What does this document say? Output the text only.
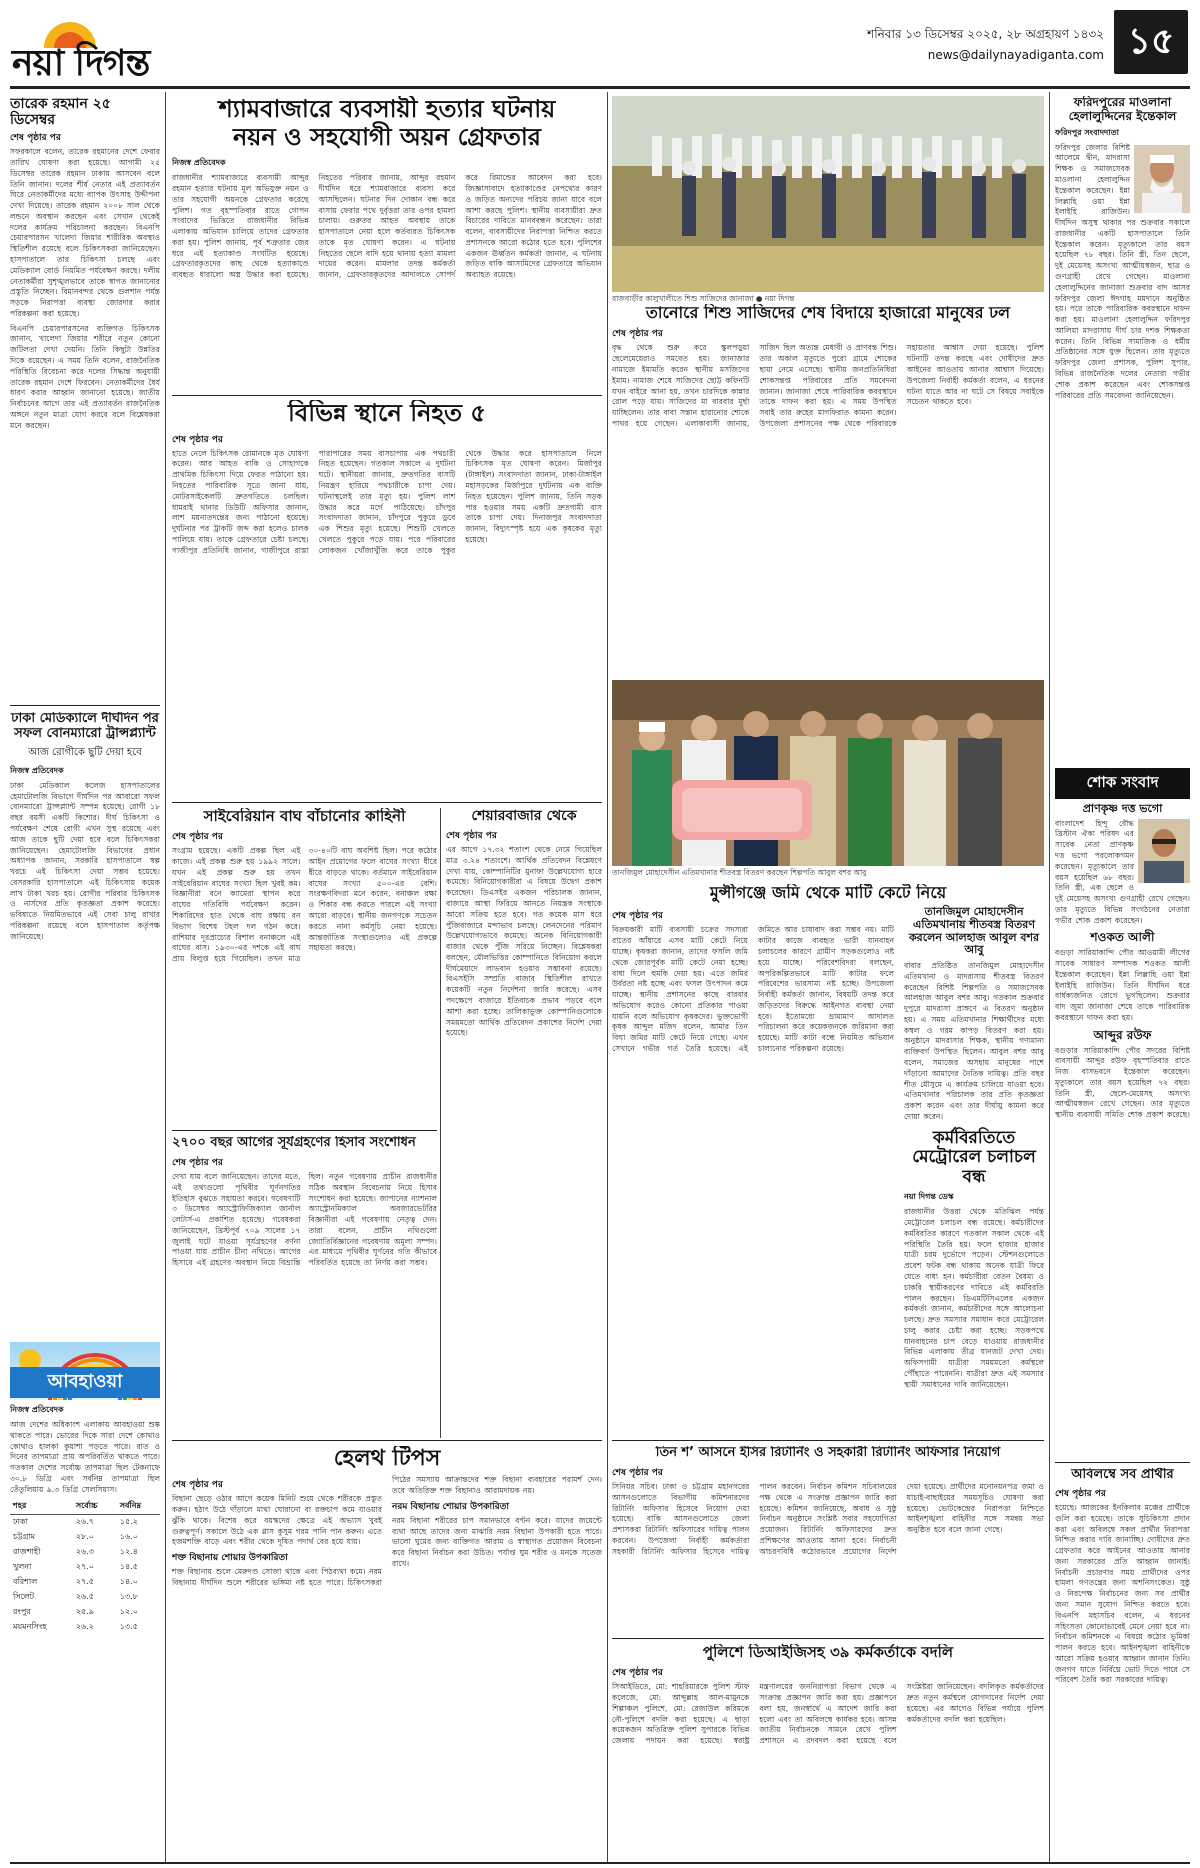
নয়া দিগন্ত
শনিবার ১৩ ডিসেম্বর ২০২৫, ২৮ অগ্রহায়ণ ১৪৩২
news@dailynayadiganta.com ১৫
তারেক রহমান ২৫ ডিসেম্বর
শেষ পৃষ্ঠার পর
সফরকালে বলেন, তারেক রহমানের দেশে ফেরার তারিখ ঘোষণা করা হয়েছে। আগামী ২৫ ডিসেম্বর তারেক রহমান ঢাকায় আসবেন বলে তিনি জানান। দলের শীর্ষ নেতার এই প্রত্যাবর্তন ঘিরে নেতাকর্মীদের মধ্যে ব্যাপক উৎসাহ উদ্দীপনা দেখা দিয়েছে। তারেক রহমান ২০০৮ সাল থেকে লন্ডনে অবস্থান করছেন এবং সেখান থেকেই দলের কার্যক্রম পরিচালনা করছেন। বিএনপি চেয়ারপারসন খালেদা জিয়ার শারীরিক অবস্থাও স্থিতিশীল রয়েছে বলে চিকিৎসকরা জানিয়েছেন। হাসপাতালে তার চিকিৎসা চলছে এবং মেডিক্যাল বোর্ড নিয়মিত পর্যবেক্ষণ করছে। দলীয় নেতাকর্মীরা সুশৃঙ্খলভাবে তাকে স্বাগত জানানোর প্রস্তুতি নিচ্ছেন। বিমানবন্দর থেকে গুলশান পর্যন্ত সড়কে নিরাপত্তা ব্যবস্থা জোরদার করার পরিকল্পনা করা হয়েছে।
বিএনপি চেয়ারপারসনের ব্যক্তিগত চিকিৎসক জানান, খালেদা জিয়ার শরীরে নতুন কোনো জটিলতা দেখা দেয়নি। তিনি কিছুটা উন্নতির দিকে রয়েছেন। এ সময় তিনি বলেন, রাজনৈতিক পরিস্থিতি বিবেচনা করে দলের সিদ্ধান্ত অনুযায়ী তারেক রহমান দেশে ফিরবেন। নেতাকর্মীদের ধৈর্য ধারণ করার আহ্বান জানানো হয়েছে। জাতীয় নির্বাচনের আগে তার এই প্রত্যাবর্তন রাজনৈতিক অঙ্গনে নতুন মাত্রা যোগ করবে বলে বিশ্লেষকরা মনে করছেন।
ঢাকা মেডিক্যালে দীর্ঘদিন পর সফল বোনম্যারো ট্রান্সপ্ল্যান্ট
আজ রোগীকে ছুটি দেয়া হবে
নিজস্ব প্রতিবেদক
ঢাকা মেডিক্যাল কলেজ হাসপাতালের হেমাটোলজি বিভাগে দীর্ঘদিন পর আবারো সফল বোনম্যারো ট্রান্সপ্ল্যান্ট সম্পন্ন হয়েছে। রোগী ১৮ বছর বয়সী একটি কিশোর। দীর্ঘ চিকিৎসা ও পর্যবেক্ষণ শেষে রোগী এখন সুস্থ রয়েছে এবং আজ তাকে ছুটি দেয়া হবে বলে চিকিৎসকরা জানিয়েছেন। হেমাটোলজি বিভাগের প্রধান অধ্যাপক জানান, সরকারি হাসপাতালে স্বল্প খরচে এই চিকিৎসা দেয়া সম্ভব হয়েছে। বেসরকারি হাসপাতালে এই চিকিৎসায় কয়েক লাখ টাকা খরচ হয়। রোগীর পরিবার চিকিৎসক ও নার্সদের প্রতি কৃতজ্ঞতা প্রকাশ করেছে। ভবিষ্যতে নিয়মিতভাবে এই সেবা চালু রাখার পরিকল্পনা রয়েছে বলে হাসপাতাল কর্তৃপক্ষ জানিয়েছে।
আবহাওয়া
নিজস্ব প্রতিবেদক
আজ দেশের অধিকাংশ এলাকায় আবহাওয়া শুষ্ক থাকতে পারে। ভোরের দিকে সারা দেশে কোথাও কোথাও হালকা কুয়াশা পড়তে পারে। রাত ও দিনের তাপমাত্রা প্রায় অপরিবর্তিত থাকতে পারে। গতকাল দেশের সর্বোচ্চ তাপমাত্রা ছিল টেকনাফে ৩০.৮ ডিগ্রি এবং সর্বনিম্ন তাপমাত্রা ছিল তেঁতুলিয়ায় ৯.৩ ডিগ্রি সেলসিয়াস।
শহর	সর্বোচ্চ	সর্বনিম্ন
ঢাকা	২৬.৭	১৫.২
চট্টগ্রাম	২৮.০	১৬.০
রাজশাহী	২৬.৩	১২.৪
খুলনা	২৭.০	১৪.৫
বরিশাল	২৭.৫	১৪.০
সিলেট	২৬.৫	১৩.৮
রংপুর	২৫.৯	১২.০
ময়মনসিংহ	২৬.২	১৩.৫
শ্যামবাজারে ব্যবসায়ী হত্যার ঘটনায়
নয়ন ও সহযোগী অয়ন গ্রেফতার
নিজস্ব প্রতিবেদক
রাজধানীর শ্যামবাজারে ব্যবসায়ী আব্দুর রহমান হত্যার ঘটনায় মূল অভিযুক্ত নয়ন ও তার সহযোগী অয়নকে গ্রেফতার করেছে পুলিশ। গত বৃহস্পতিবার রাতে গোপন সংবাদের ভিত্তিতে রাজধানীর বিভিন্ন এলাকায় অভিযান চালিয়ে তাদের গ্রেফতার করা হয়। পুলিশ জানায়, পূর্ব শত্রুতার জের ধরে এই হত্যাকাণ্ড সংঘটিত হয়েছে। গ্রেফতারকৃতদের কাছ থেকে হত্যাকাণ্ডে ব্যবহৃত ধারালো অস্ত্র উদ্ধার করা হয়েছে। নিহতের পরিবার জানায়, আব্দুর রহমান দীর্ঘদিন ধরে শ্যামবাজারে ব্যবসা করে আসছিলেন। ঘটনার দিন দোকান বন্ধ করে বাসায় ফেরার পথে দুর্বৃত্তরা তার ওপর হামলা চালায়। গুরুতর আহত অবস্থায় তাকে হাসপাতালে নেয়া হলে কর্তব্যরত চিকিৎসক তাকে মৃত ঘোষণা করেন। এ ঘটনায় নিহতের ছেলে বাদি হয়ে থানায় হত্যা মামলা দায়ের করেন। মামলার তদন্ত কর্মকর্তা জানান, গ্রেফতারকৃতদের আদালতে সোপর্দ করে রিমান্ডের আবেদন করা হবে। জিজ্ঞাসাবাদে হত্যাকাণ্ডের নেপথ্যের কারণ ও জড়িত অন্যদের পরিচয় জানা যাবে বলে আশা করছে পুলিশ। স্থানীয় ব্যবসায়ীরা দ্রুত বিচারের দাবিতে মানববন্ধন করেছেন। তারা বলেন, ব্যবসায়ীদের নিরাপত্তা নিশ্চিত করতে প্রশাসনকে আরো কঠোর হতে হবে। পুলিশের একজন ঊর্ধ্বতন কর্মকর্তা জানান, এ ঘটনায় জড়িত বাকি আসামিদের গ্রেফতারে অভিযান অব্যাহত রয়েছে।
বিভিন্ন স্থানে নিহত ৫
শেষ পৃষ্ঠার পর
হাতে নেলে চিকিৎসক রোমানকে মৃত ঘোষণা করেন। আর আহত বাকি ও সোহাগকে প্রাথমিক চিকিৎসা দিয়ে ফেরত পাঠানো হয়। নিহতের পারিবারিক সূত্রে জানা যায়, মোটরসাইকেলটি দ্রুতগতিতে চলছিল। ধামরাই থানার ডিউটি অফিসার জানান, লাশ ময়নাতদন্তের জন্য পাঠানো হয়েছে। দুর্ঘটনার পর ট্রাকটি জব্দ করা হলেও চালক পালিয়ে যায়। তাকে গ্রেফতারে চেষ্টা চলছে। গাজীপুর প্রতিনিধি জানান, গাজীপুরে রাস্তা পারাপারের সময় বাসচাপায় এক পথচারী নিহত হয়েছেন। গতকাল সকালে এ দুর্ঘটনা ঘটে। স্থানীয়রা জানায়, দ্রুতগতির বাসটি নিয়ন্ত্রণ হারিয়ে পথচারীকে চাপা দেয়। ঘটনাস্থলেই তার মৃত্যু হয়। পুলিশ লাশ উদ্ধার করে মর্গে পাঠিয়েছে। চাঁদপুর সংবাদদাতা জানান, চাঁদপুরে পুকুরে ডুবে এক শিশুর মৃত্যু হয়েছে। শিশুটি খেলতে খেলতে পুকুরে পড়ে যায়। পরে পরিবারের লোকজন খোঁজাখুঁজি করে তাকে পুকুর থেকে উদ্ধার করে হাসপাতালে নিলে চিকিৎসক মৃত ঘোষণা করেন। মির্জাপুর (টাঙ্গাইল) সংবাদদাতা জানান, ঢাকা-টাঙ্গাইল মহাসড়কের মির্জাপুরে দুর্ঘটনায় এক ব্যক্তি নিহত হয়েছেন। পুলিশ জানায়, তিনি সড়ক পার হওয়ার সময় একটি দ্রুতগামী বাস তাকে চাপা দেয়। দিনাজপুর সংবাদদাতা জানান, বিদ্যুৎস্পৃষ্ট হয়ে এক কৃষকের মৃত্যু হয়েছে।
সাইবেরিয়ান বাঘ বাঁচানোর কাহিনী
শেষ পৃষ্ঠার পর
সংগ্রাম হয়েছে। একটি প্রকল্প ছিল এই কাজে। এই প্রকল্প শুরু হয় ১৯৯২ সালে। যখন এই প্রকল্প শুরু হয় তখন সাইবেরিয়ান বাঘের সংখ্যা ছিল খুবই কম। বিজ্ঞানীরা বনে ক্যামেরা স্থাপন করে বাঘের গতিবিধি পর্যবেক্ষণ করেন। শিকারিদের হাত থেকে বাঘ রক্ষায় বন বিভাগ বিশেষ টহল দল গঠন করে। রাশিয়ার দূরপ্রাচ্যের বিশাল বনাঞ্চলে এই বাঘের বাস। ১৯৩০-এর দশকে এই বাঘ প্রায় বিলুপ্ত হয়ে গিয়েছিল। তখন মাত্র ৩০-৪০টি বাঘ অবশিষ্ট ছিল। পরে কঠোর আইন প্রয়োগের ফলে বাঘের সংখ্যা ধীরে ধীরে বাড়তে থাকে। বর্তমানে সাইবেরিয়ান বাঘের সংখ্যা ৫০০-এর বেশি। সংরক্ষণবিদরা মনে করেন, বনাঞ্চল রক্ষা ও শিকার বন্ধ করতে পারলে এই সংখ্যা আরো বাড়বে। স্থানীয় জনগণকে সচেতন করতে নানা কর্মসূচি নেয়া হয়েছে। আন্তর্জাতিক সংস্থাগুলোও এই প্রকল্পে সহায়তা করছে।
শেয়ারবাজার থেকে
শেষ পৃষ্ঠার পর
এর আগে ১৭.৩২ শতাংশ থেকে নেমে গিয়েছিল মাত্র ৩.২৪ শতাংশে। আর্থিক প্রতিবেদন বিশ্লেষণে দেখা যায়, কোম্পানিটির মুনাফা উল্লেখযোগ্য হারে কমেছে। বিনিয়োগকারীরা এ বিষয়ে উদ্বেগ প্রকাশ করেছেন। ডিএসইর একজন পরিচালক জানান, বাজারে আস্থা ফিরিয়ে আনতে নিয়ন্ত্রক সংস্থাকে আরো সক্রিয় হতে হবে। গত কয়েক মাস ধরে পুঁজিবাজারে মন্দাভাব চলছে। লেনদেনের পরিমাণ উল্লেখযোগ্যভাবে কমেছে। অনেক বিনিয়োগকারী বাজার থেকে পুঁজি সরিয়ে নিচ্ছেন। বিশ্লেষকরা বলছেন, মৌলভিত্তির কোম্পানিতে বিনিয়োগ করলে দীর্ঘমেয়াদে লাভবান হওয়ার সম্ভাবনা রয়েছে। বিএসইসি সম্প্রতি বাজার স্থিতিশীল রাখতে কয়েকটি নতুন নির্দেশনা জারি করেছে। এসব পদক্ষেপে বাজারে ইতিবাচক প্রভাব পড়বে বলে আশা করা হচ্ছে। তালিকাভুক্ত কোম্পানিগুলোকে সময়মতো আর্থিক প্রতিবেদন প্রকাশের নির্দেশ দেয়া হয়েছে।
২৭০০ বছর আগের সূর্যগ্রহণের হিসাব সংশোধন
শেষ পৃষ্ঠার পর
দেখা যায় বলে জানিয়েছেন। তাদের মতে, এই তথ্যগুলো পৃথিবীর ঘূর্ণনগতির ইতিহাস বুঝতে সহায়তা করবে। গবেষণাটি ৩ ডিসেম্বর অ্যাস্ট্রোফিজিক্যাল জার্নাল লেটার্স-এ প্রকাশিত হয়েছে। গবেষকরা জানিয়েছেন, খ্রিস্টপূর্ব ৭০৯ সালের ১৭ জুলাই ঘটে যাওয়া সূর্যগ্রহণের বর্ণনা পাওয়া যায় প্রাচীন চীনা নথিতে। আগের হিসাবে এই গ্রহণের অবস্থান নিয়ে বিভ্রান্তি ছিল। নতুন গবেষণায় প্রাচীন রাজধানীর সঠিক অবস্থান বিবেচনায় নিয়ে হিসাব সংশোধন করা হয়েছে। জাপানের ন্যাশনাল অ্যাস্ট্রোনমিক্যাল অবজারভেটরির বিজ্ঞানীরা এই গবেষণায় নেতৃত্ব দেন। তারা বলেন, প্রাচীন নথিগুলো জ্যোতির্বিজ্ঞানের গবেষণায় অমূল্য সম্পদ। এর মাধ্যমে পৃথিবীর ঘূর্ণনের গতি কীভাবে পরিবর্তিত হয়েছে তা নির্ণয় করা সম্ভব।
হেলথ টিপস
শেষ পৃষ্ঠার পর
বিছানা ছেড়ে ওঠার আগে কয়েক মিনিট শুয়ে থেকে শরীরকে প্রস্তুত করুন। হঠাৎ উঠে দাঁড়ালে মাথা ঘোরানো বা রক্তচাপ কমে যাওয়ার ঝুঁকি থাকে। বিশেষ করে বয়স্কদের ক্ষেত্রে এই অভ্যাস খুবই গুরুত্বপূর্ণ। সকালে উঠে এক গ্লাস কুসুম গরম পানি পান করুন। এতে হজমশক্তি বাড়ে এবং শরীর থেকে দূষিত পদার্থ বের হয়ে যায়।
শক্ত বিছানায় শোয়ার উপকারিতা
শক্ত বিছানায় শুলে মেরুদণ্ড সোজা থাকে এবং পিঠব্যথা কমে। নরম বিছানায় দীর্ঘদিন শুলে শরীরের ভঙ্গিমা নষ্ট হতে পারে। চিকিৎসকরা পিঠের সমস্যায় আক্রান্তদের শক্ত বিছানা ব্যবহারের পরামর্শ দেন। তবে অতিরিক্ত শক্ত বিছানাও আরামদায়ক নয়।
নরম বিছানায় শোয়ার উপকারিতা
নরম বিছানা শরীরের চাপ সমানভাবে বণ্টন করে। যাদের জয়েন্টে ব্যথা আছে তাদের জন্য মাঝারি নরম বিছানা উপকারী হতে পারে। ভালো ঘুমের জন্য ব্যক্তিগত আরাম ও স্বাস্থ্যগত প্রয়োজন বিবেচনা করে বিছানা নির্বাচন করা উচিত। পর্যাপ্ত ঘুম শরীর ও মনকে সতেজ রাখে।
রাজবাড়ীর কালুখালীতে শিশু সাজিদের জানাজা ● নয়া দিগন্ত
তানোরে শিশু সাজিদের শেষ বিদায়ে হাজারো মানুষের ঢল
শেষ পৃষ্ঠার পর
বৃদ্ধ থেকে শুরু করে স্কুলপড়ুয়া ছেলেমেয়েরাও সমবেত হয়। জানাজার নামাজে ইমামতি করেন স্থানীয় মসজিদের ইমাম। নামাজ শেষে সাজিদের ছোট্ট কফিনটি যখন বাইরে আনা হয়, তখন চারদিকে কান্নার রোল পড়ে যায়। সাজিদের মা বারবার মূর্ছা যাচ্ছিলেন। তার বাবা সন্তান হারানোর শোকে পাথর হয়ে গেছেন। এলাকাবাসী জানায়, সাজিদ ছিল অত্যন্ত মেধাবী ও প্রাণবন্ত শিশু। তার অকাল মৃত্যুতে পুরো গ্রামে শোকের ছায়া নেমে এসেছে। স্থানীয় জনপ্রতিনিধিরা শোকসন্তপ্ত পরিবারের প্রতি সমবেদনা জানান। জানাজা শেষে পারিবারিক কবরস্থানে তাকে দাফন করা হয়। এ সময় উপস্থিত সবাই তার রুহের মাগফিরাত কামনা করেন। উপজেলা প্রশাসনের পক্ষ থেকে পরিবারকে সহায়তার আশ্বাস দেয়া হয়েছে। পুলিশ ঘটনাটি তদন্ত করছে এবং দোষীদের দ্রুত আইনের আওতায় আনার আশ্বাস দিয়েছে। উপজেলা নির্বাহী কর্মকর্তা বলেন, এ ধরনের ঘটনা যাতে আর না ঘটে সে বিষয়ে সবাইকে সচেতন থাকতে হবে।
তানজিমুল মোহাদেসীন এতিমখানার শীতবস্ত্র বিতরণ করছেন শিল্পপতি আবুল বশর আবু
মুন্সীগঞ্জে জমি থেকে মাটি কেটে নিয়ে
শেষ পৃষ্ঠার পর
বিক্রয়কারী মাটি ব্যবসায়ী চক্রের সদস্যরা রাতের আঁধারে এসব মাটি কেটে নিয়ে যাচ্ছে। কৃষকরা জানান, তাদের ফসলি জমি থেকে জোরপূর্বক মাটি কেটে নেয়া হচ্ছে। বাধা দিলে হুমকি দেয়া হয়। এতে জমির উর্বরতা নষ্ট হচ্ছে এবং ফসল উৎপাদন কমে যাচ্ছে। স্থানীয় প্রশাসনের কাছে বারবার অভিযোগ করেও কোনো প্রতিকার পাওয়া যায়নি বলে অভিযোগ কৃষকদের। ভুক্তভোগী কৃষক আব্দুল মজিদ বলেন, আমার তিন বিঘা জমির মাটি কেটে নিয়ে গেছে। এখন সেখানে গভীর গর্ত তৈরি হয়েছে। এই জমিতে আর চাষাবাদ করা সম্ভব নয়। মাটি কাটার কাজে ব্যবহৃত ভারী যানবাহন চলাচলের কারণে গ্রামীণ সড়কগুলোও নষ্ট হয়ে যাচ্ছে। পরিবেশবিদরা বলছেন, অপরিকল্পিতভাবে মাটি কাটার ফলে পরিবেশের ভারসাম্য নষ্ট হচ্ছে। উপজেলা নির্বাহী কর্মকর্তা জানান, বিষয়টি তদন্ত করে জড়িতদের বিরুদ্ধে আইনগত ব্যবস্থা নেয়া হবে। ইতোমধ্যে ভ্রাম্যমাণ আদালত পরিচালনা করে কয়েকজনকে জরিমানা করা হয়েছে। মাটি কাটা বন্ধে নিয়মিত অভিযান চালানোর পরিকল্পনা রয়েছে।
তানজিমুল মোহাদেসীন এতিমখানায় শীতবস্ত্র বিতরণ করলেন আলহাজ আবুল বশর আবু
বাবার প্রতিষ্ঠিত তানজিমুল মোহাদেসীন এতিমখানা ও মাদরাসায় শীতবস্ত্র বিতরণ করেছেন বিশিষ্ট শিল্পপতি ও সমাজসেবক আলহাজ আবুল বশর আবু। গতকাল শুক্রবার দুপুরে মাদরাসা প্রাঙ্গণে এ বিতরণ অনুষ্ঠান হয়। এ সময় এতিমখানার শিক্ষার্থীদের মধ্যে কম্বল ও গরম কাপড় বিতরণ করা হয়। অনুষ্ঠানে মাদরাসার শিক্ষক, স্থানীয় গণ্যমান্য ব্যক্তিবর্গ উপস্থিত ছিলেন। আবুল বশর আবু বলেন, সমাজের অসহায় মানুষের পাশে দাঁড়ানো আমাদের নৈতিক দায়িত্ব। প্রতি বছর শীত মৌসুমে এ কার্যক্রম চালিয়ে যাওয়া হবে। এতিমখানার পরিচালক তার প্রতি কৃতজ্ঞতা প্রকাশ করেন এবং তার দীর্ঘায়ু কামনা করে দোয়া করেন।
কর্মবিরতিতে মেট্রোরেল চলাচল বন্ধ
নয়া দিগন্ত ডেস্ক
রাজধানীর উত্তরা থেকে মতিঝিল পর্যন্ত মেট্রোরেল চলাচল বন্ধ রয়েছে। কর্মচারীদের কর্মবিরতির কারণে গতকাল সকাল থেকে এই পরিস্থিতি তৈরি হয়। ফলে হাজার হাজার যাত্রী চরম দুর্ভোগে পড়েন। স্টেশনগুলোতে প্রবেশ ফটক বন্ধ থাকায় অনেক যাত্রী ফিরে যেতে বাধ্য হন। কর্মচারীরা বেতন বৈষম্য ও চাকরি স্থায়ীকরণের দাবিতে এই কর্মবিরতি পালন করছেন। ডিএমটিসিএলের একজন কর্মকর্তা জানান, কর্মচারীদের সঙ্গে আলোচনা চলছে। দ্রুত সমস্যার সমাধান করে মেট্রোরেল চালু করার চেষ্টা করা হচ্ছে। সড়কপথে যানবাহনের চাপ বেড়ে যাওয়ায় রাজধানীর বিভিন্ন এলাকায় তীব্র যানজট দেখা দেয়। অফিসগামী যাত্রীরা সময়মতো কর্মস্থলে পৌঁছাতে পারেননি। যাত্রীরা দ্রুত এই সমস্যার স্থায়ী সমাধানের দাবি জানিয়েছেন।
তিন শ’ আসনে ইসির রিটার্নিং ও সহকারী রিটার্নিং অফিসার নিয়োগ
শেষ পৃষ্ঠার পর
সিনিয়র সচিব। ঢাকা ও চট্টগ্রাম মহানগরের আসনগুলোতে বিভাগীয় কমিশনারদের রিটার্নিং অফিসার হিসেবে নিয়োগ দেয়া হয়েছে। বাকি আসনগুলোতে জেলা প্রশাসকরা রিটার্নিং অফিসারের দায়িত্ব পালন করবেন। উপজেলা নির্বাহী কর্মকর্তারা সহকারী রিটার্নিং অফিসার হিসেবে দায়িত্ব পালন করবেন। নির্বাচন কমিশন সচিবালয়ের পক্ষ থেকে এ সংক্রান্ত প্রজ্ঞাপন জারি করা হয়েছে। কমিশন জানিয়েছে, অবাধ ও সুষ্ঠু নির্বাচন অনুষ্ঠানে সংশ্লিষ্ট সবার সহযোগিতা প্রয়োজন। রিটার্নিং অফিসারদের দ্রুত প্রশিক্ষণের আওতায় আনা হবে। নির্বাচনী আচরণবিধি কঠোরভাবে প্রয়োগের নির্দেশ দেয়া হয়েছে। প্রার্থীদের মনোনয়নপত্র জমা ও যাচাই-বাছাইয়ের সময়সূচিও ঘোষণা করা হয়েছে। ভোটকেন্দ্রের নিরাপত্তা নিশ্চিতে আইনশৃঙ্খলা বাহিনীর সঙ্গে সমন্বয় সভা অনুষ্ঠিত হবে বলে জানা গেছে।
পুলিশে ডিআইজিসহ ৩৯ কর্মকর্তাকে বদলি
শেষ পৃষ্ঠার পর
সিআইডিতে, মো: শাহরিয়ারকে পুলিশ স্টাফ কলেজে, মো: আব্দুল্লাহ আল-মামুনকে শিল্পাঞ্চল পুলিশে, মো: রেজাউল করিমকে নৌ-পুলিশে বদলি করা হয়েছে। এ ছাড়া কয়েকজন অতিরিক্ত পুলিশ সুপারকে বিভিন্ন জেলায় পদায়ন করা হয়েছে। স্বরাষ্ট্র মন্ত্রণালয়ের জননিরাপত্তা বিভাগ থেকে এ সংক্রান্ত প্রজ্ঞাপন জারি করা হয়। প্রজ্ঞাপনে বলা হয়, জনস্বার্থে এ আদেশ জারি করা হলো এবং তা অবিলম্বে কার্যকর হবে। আসন্ন জাতীয় নির্বাচনকে সামনে রেখে পুলিশ প্রশাসনে এ রদবদল করা হয়েছে বলে সংশ্লিষ্টরা জানিয়েছেন। বদলিকৃত কর্মকর্তাদের দ্রুত নতুন কর্মস্থলে যোগদানের নির্দেশ দেয়া হয়েছে। এর আগেও বিভিন্ন পর্যায়ে পুলিশ কর্মকর্তাদের বদলি করা হয়েছিল।
ফরিদপুরের মাওলানা হেলালুদ্দিনের ইন্তেকাল
ফরিদপুর সংবাদদাতা
ফরিদপুর জেলার বিশিষ্ট আলেমে দ্বীন, মাদরাসা শিক্ষক ও সমাজসেবক মাওলানা হেলালুদ্দিন ইন্তেকাল করেছেন। ইন্না লিল্লাহি ওয়া ইন্না ইলাইহি রাজিউন। দীর্ঘদিন অসুস্থ থাকার পর শুক্রবার সকালে রাজধানীর একটি হাসপাতালে তিনি ইন্তেকাল করেন। মৃত্যুকালে তার বয়স হয়েছিল ৭৮ বছর। তিনি স্ত্রী, তিন ছেলে, দুই মেয়েসহ অসংখ্য আত্মীয়স্বজন, ছাত্র ও গুণগ্রাহী রেখে গেছেন। মাওলানা হেলালুদ্দিনের জানাজা শুক্রবার বাদ আসর ফরিদপুর জেলা ঈদগাহ ময়দানে অনুষ্ঠিত হয়। পরে তাকে পারিবারিক কবরস্থানে দাফন করা হয়। মাওলানা হেলালুদ্দিন ফরিদপুর আলিয়া মাদরাসায় দীর্ঘ চার দশক শিক্ষকতা করেন। তিনি বিভিন্ন সামাজিক ও ধর্মীয় প্রতিষ্ঠানের সঙ্গে যুক্ত ছিলেন। তার মৃত্যুতে ফরিদপুর জেলা প্রশাসক, পুলিশ সুপার, বিভিন্ন রাজনৈতিক দলের নেতারা গভীর শোক প্রকাশ করেছেন এবং শোকসন্তপ্ত পরিবারের প্রতি সমবেদনা জানিয়েছেন।
শোক সংবাদ
প্রাণকৃষ্ণ দত্ত ভগো
বাংলাদেশ হিন্দু বৌদ্ধ খ্রিস্টান ঐক্য পরিষদ এর সাবেক নেতা প্রাণকৃষ্ণ দত্ত ভগো পরলোকগমন করেছেন। মৃত্যুকালে তার বয়স হয়েছিল ৬৮ বছর। তিনি স্ত্রী, এক ছেলে ও দুই মেয়েসহ অসংখ্য গুণগ্রাহী রেখে গেছেন। তার মৃত্যুতে বিভিন্ন সংগঠনের নেতারা গভীর শোক প্রকাশ করেছেন।
শওকত আলী
বগুড়া সারিয়াকান্দি পৌর আওয়ামী লীগের সাবেক সাধারণ সম্পাদক শওকত আলী ইন্তেকাল করেছেন। ইন্না লিল্লাহি ওয়া ইন্না ইলাইহি রাজিউন। তিনি দীর্ঘদিন ধরে বার্ধক্যজনিত রোগে ভুগছিলেন। শুক্রবার বাদ জুমা জানাজা শেষে তাকে পারিবারিক কবরস্থানে দাফন করা হয়।
আব্দুর রউফ
বগুড়ার সারিয়াকান্দি পৌর সদরের বিশিষ্ট ব্যবসায়ী আব্দুর রউফ বৃহস্পতিবার রাতে নিজ বাসভবনে ইন্তেকাল করেছেন। মৃত্যুকালে তার বয়স হয়েছিল ৭২ বছর। তিনি স্ত্রী, ছেলে-মেয়েসহ অসংখ্য আত্মীয়স্বজন রেখে গেছেন। তার মৃত্যুতে স্থানীয় ব্যবসায়ী সমিতি শোক প্রকাশ করেছে।
অবিলম্বে সব প্রার্থীর
শেষ পৃষ্ঠার পর
হয়েছে। আজকের ইনকিলাব মঞ্চের প্রার্থীকে গুলি করা হয়েছে। তাকে সুচিকিৎসা প্রদান করা এবং অবিলম্বে সকল প্রার্থীর নিরাপত্তা নিশ্চিত করার দাবি জানাচ্ছি। দোষীদের দ্রুত গ্রেফতার করে আইনের আওতায় আনার জন্য সরকারের প্রতি আহ্বান জানাই। নির্বাচনী প্রচারণার সময় প্রার্থীদের ওপর হামলা গণতন্ত্রের জন্য অশনিসংকেত। সুষ্ঠু ও নিরপেক্ষ নির্বাচনের জন্য সব প্রার্থীর জন্য সমান সুযোগ নিশ্চিত করতে হবে। বিএনপি মহাসচিব বলেন, এ ধরনের সহিংসতা কোনোভাবেই মেনে নেয়া হবে না। নির্বাচন কমিশনকে এ বিষয়ে কঠোর ভূমিকা পালন করতে হবে। আইনশৃঙ্খলা বাহিনীকে আরো সক্রিয় হওয়ার আহ্বান জানান তিনি। জনগণ যাতে নির্বিঘ্নে ভোট দিতে পারে সে পরিবেশ তৈরি করা সরকারের দায়িত্ব।
